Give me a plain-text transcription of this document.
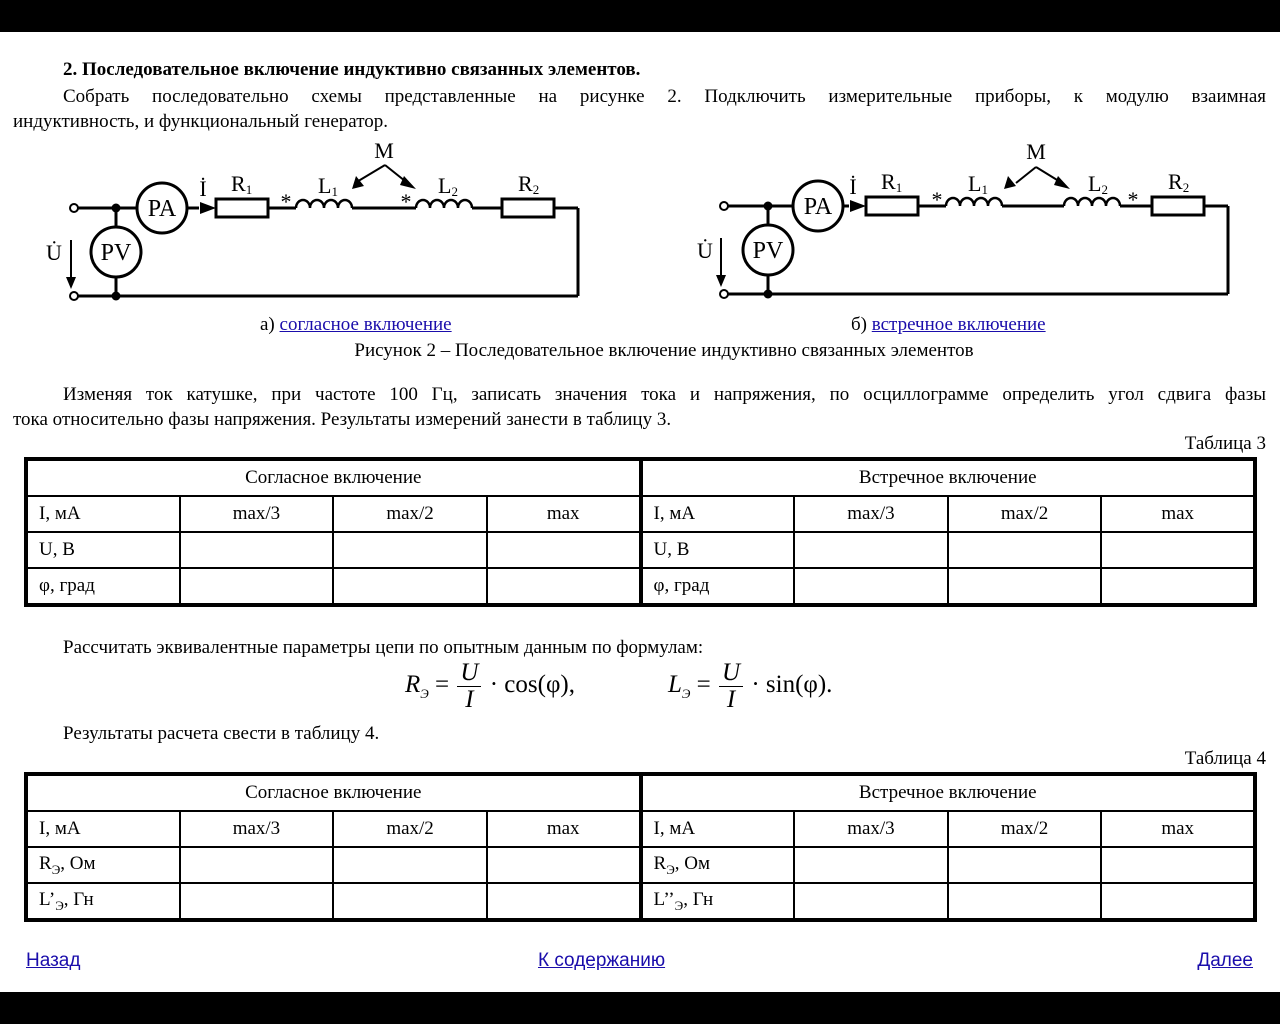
2. Последовательное включение индуктивно связанных элементов.
Собрать последовательно схемы представленные на рисунке 2. Подключить измерительные приборы, к модулю взаимная
индуктивность, и функциональный генератор.
PA
PV
İ
U̇
M
*	*
R1	L1	L2	R2
PA
PV
İ
U̇
M
*	*
R1	L1	L2	R2
а) согласное включение	б) встречное включение
Рисунок 2 – Последовательное включение индуктивно связанных элементов
Изменяя ток катушке, при частоте 100 Гц, записать значения тока и напряжения, по осциллограмме определить угол сдвига фазы
тока относительно фазы напряжения. Результаты измерений занести в таблицу 3.
Таблица 3
Согласное включение				Встречное включение			
I, мА	max/3	max/2	max	I, мА	max/3	max/2	max
U, В				U, В			
φ, град				φ, град			
Рассчитать эквивалентные параметры цепи по опытным данным по формулам:
$R_Э = \frac{U}{I} \cdot \cos(\varphi)$,	$L_Э = \frac{U}{I} \cdot \sin(\varphi)$.
Результаты расчета свести в таблицу 4.
Таблица 4
Согласное включение				Встречное включение			
I, мА	max/3	max/2	max	I, мА	max/3	max/2	max
$R_Э$, Ом				$R_Э$, Ом			
$L’_Э$, Гн				$L’’_Э$, Гн			
Назад	К содержанию	Далее
